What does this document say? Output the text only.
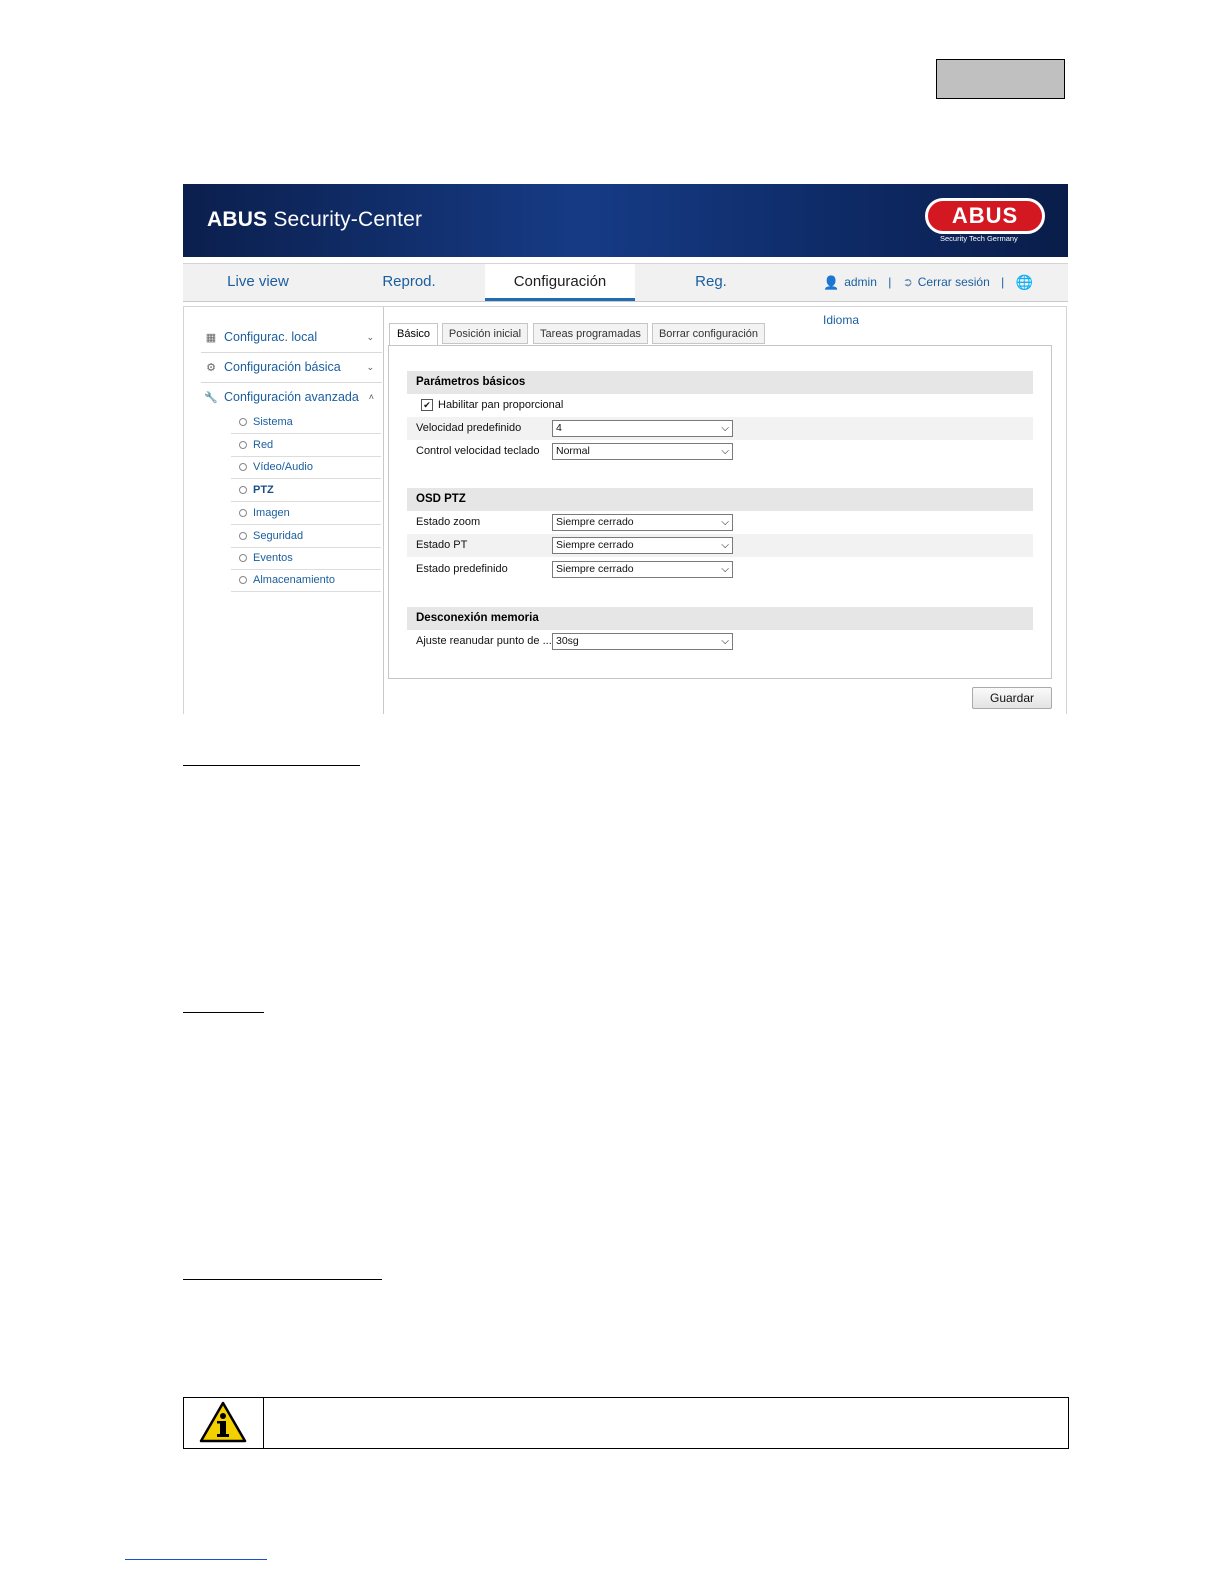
ABUS Security-Center	ABUS
Security Tech Germany
Live view	Reprod.	Configuración	Reg.	👤 admin | ➲ Cerrar sesión | 🌐Idioma
▦ Configurac. local	⌄
⚙ Configuración básica	⌄
🔧 Configuración avanzada ˄
Sistema
Red
Vídeo/Audio
PTZ
Imagen
Seguridad
Eventos
Almacenamiento
Básico	Posición inicial	Tareas programadas	Borrar configuración
Parámetros básicos
✔ Habilitar pan proporcional
Velocidad predefinido	4	⌵
Control velocidad teclado	Normal	⌵
OSD PTZ
Estado zoom	Siempre cerrado	⌵
Estado PT	Siempre cerrado	⌵
Estado predefinido	Siempre cerrado	⌵
Desconexión memoria
Ajuste reanudar punto de ... 30sg	⌵
Guardar
